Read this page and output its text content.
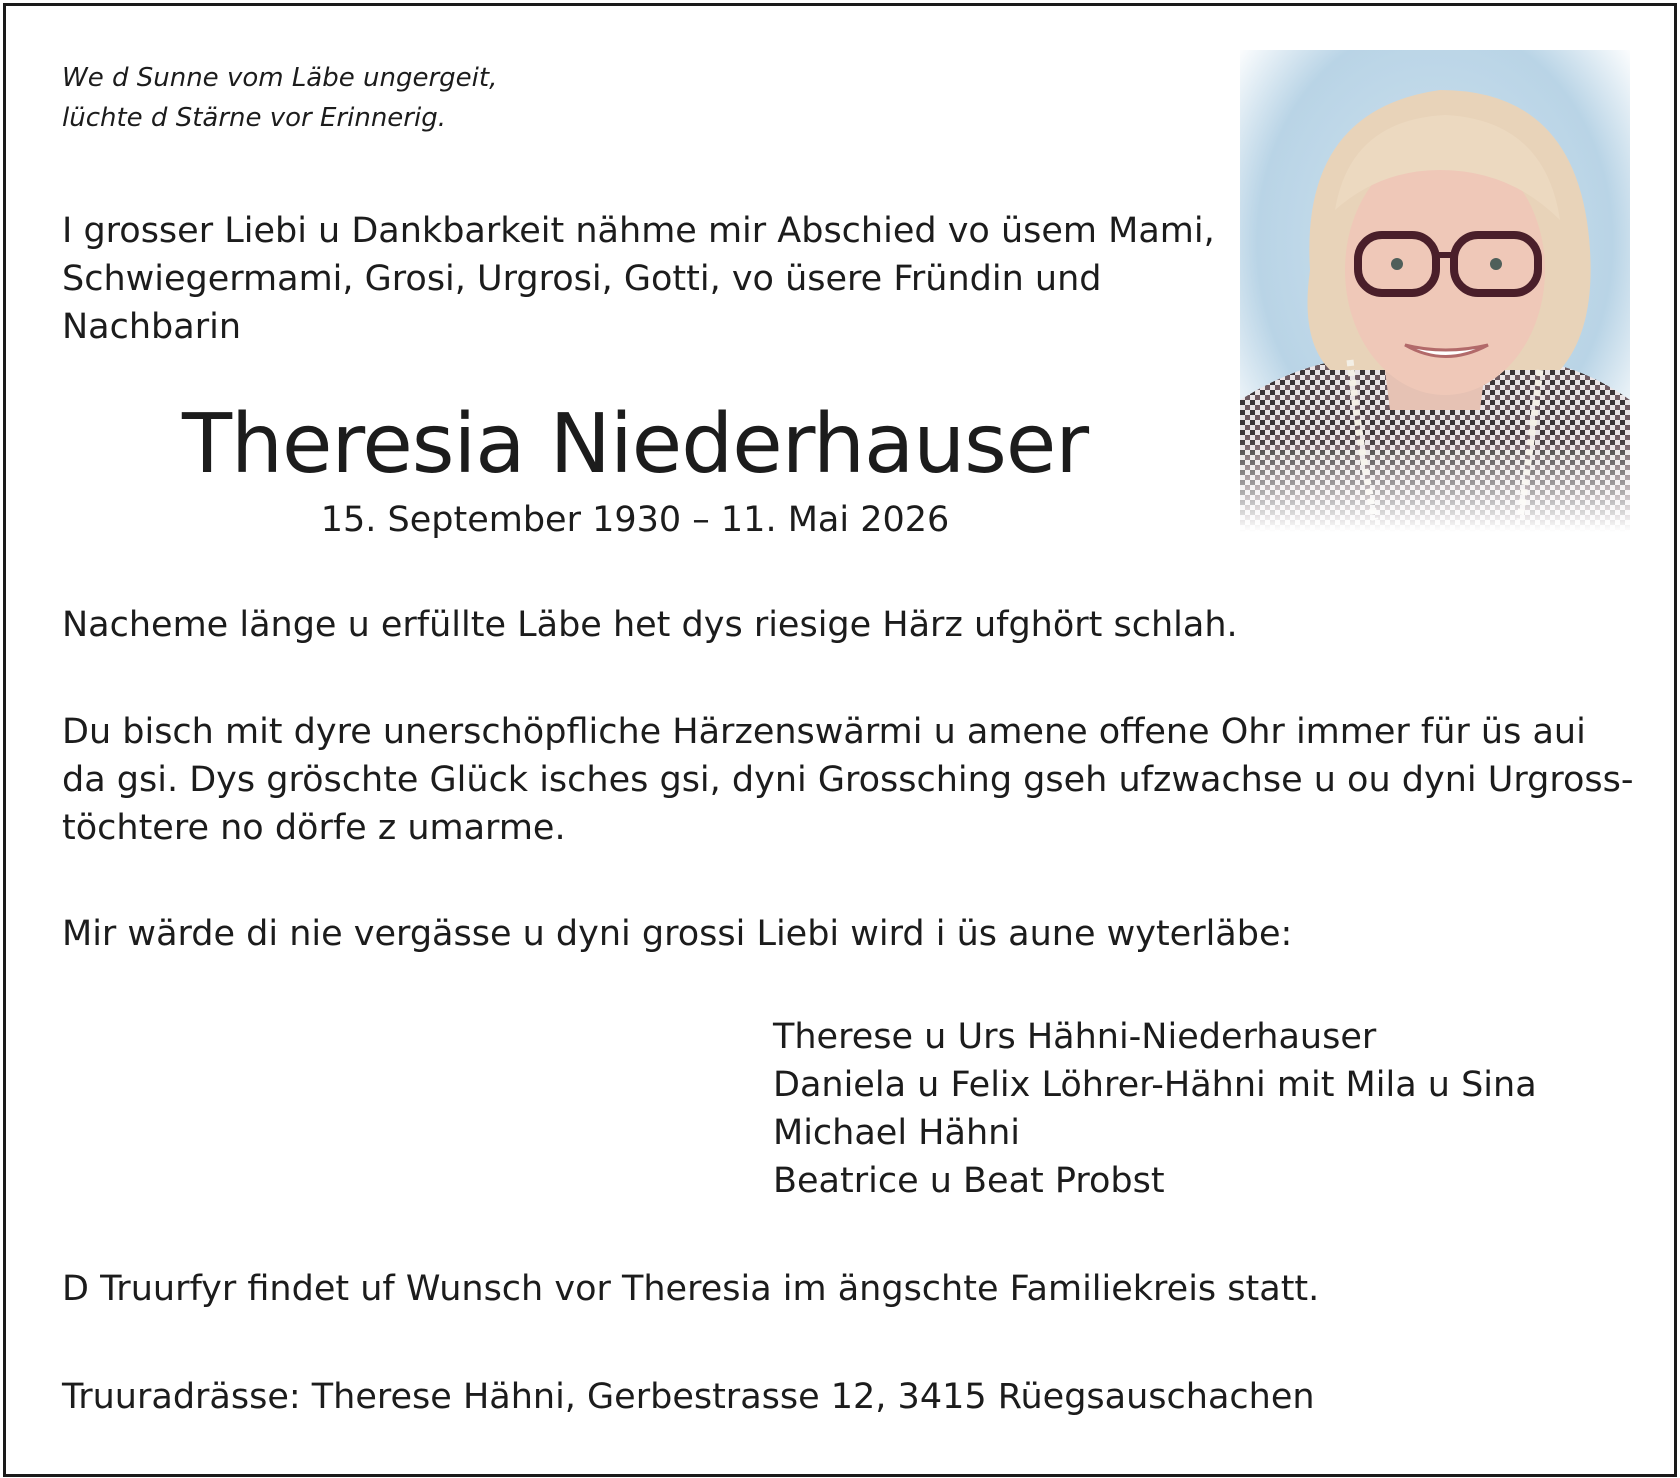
We d Sunne vom Läbe ungergeit,
lüchte d Stärne vor Erinnerig.
I grosser Liebi u Dankbarkeit nähme mir Abschied vo üsem Mami,
Schwiegermami, Grosi, Urgrosi, Gotti, vo üsere Fründin und
Nachbarin
Theresia Niederhauser
15. September 1930 – 11. Mai 2026
Nacheme länge u erfüllte Läbe het dys riesige Härz ufghört schlah.
Du bisch mit dyre unerschöpfliche Härzenswärmi u amene offene Ohr immer für üs aui
da gsi. Dys gröschte Glück isches gsi, dyni Grossching gseh ufzwachse u ou dyni Urgross-
töchtere no dörfe z umarme.
Mir wärde di nie vergässe u dyni grossi Liebi wird i üs aune wyterläbe:
Therese u Urs Hähni-Niederhauser
Daniela u Felix Löhrer-Hähni mit Mila u Sina
Michael Hähni
Beatrice u Beat Probst
D Truurfyr findet uf Wunsch vor Theresia im ängschte Familiekreis statt.
Truuradrässe: Therese Hähni, Gerbestrasse 12, 3415 Rüegsauschachen
